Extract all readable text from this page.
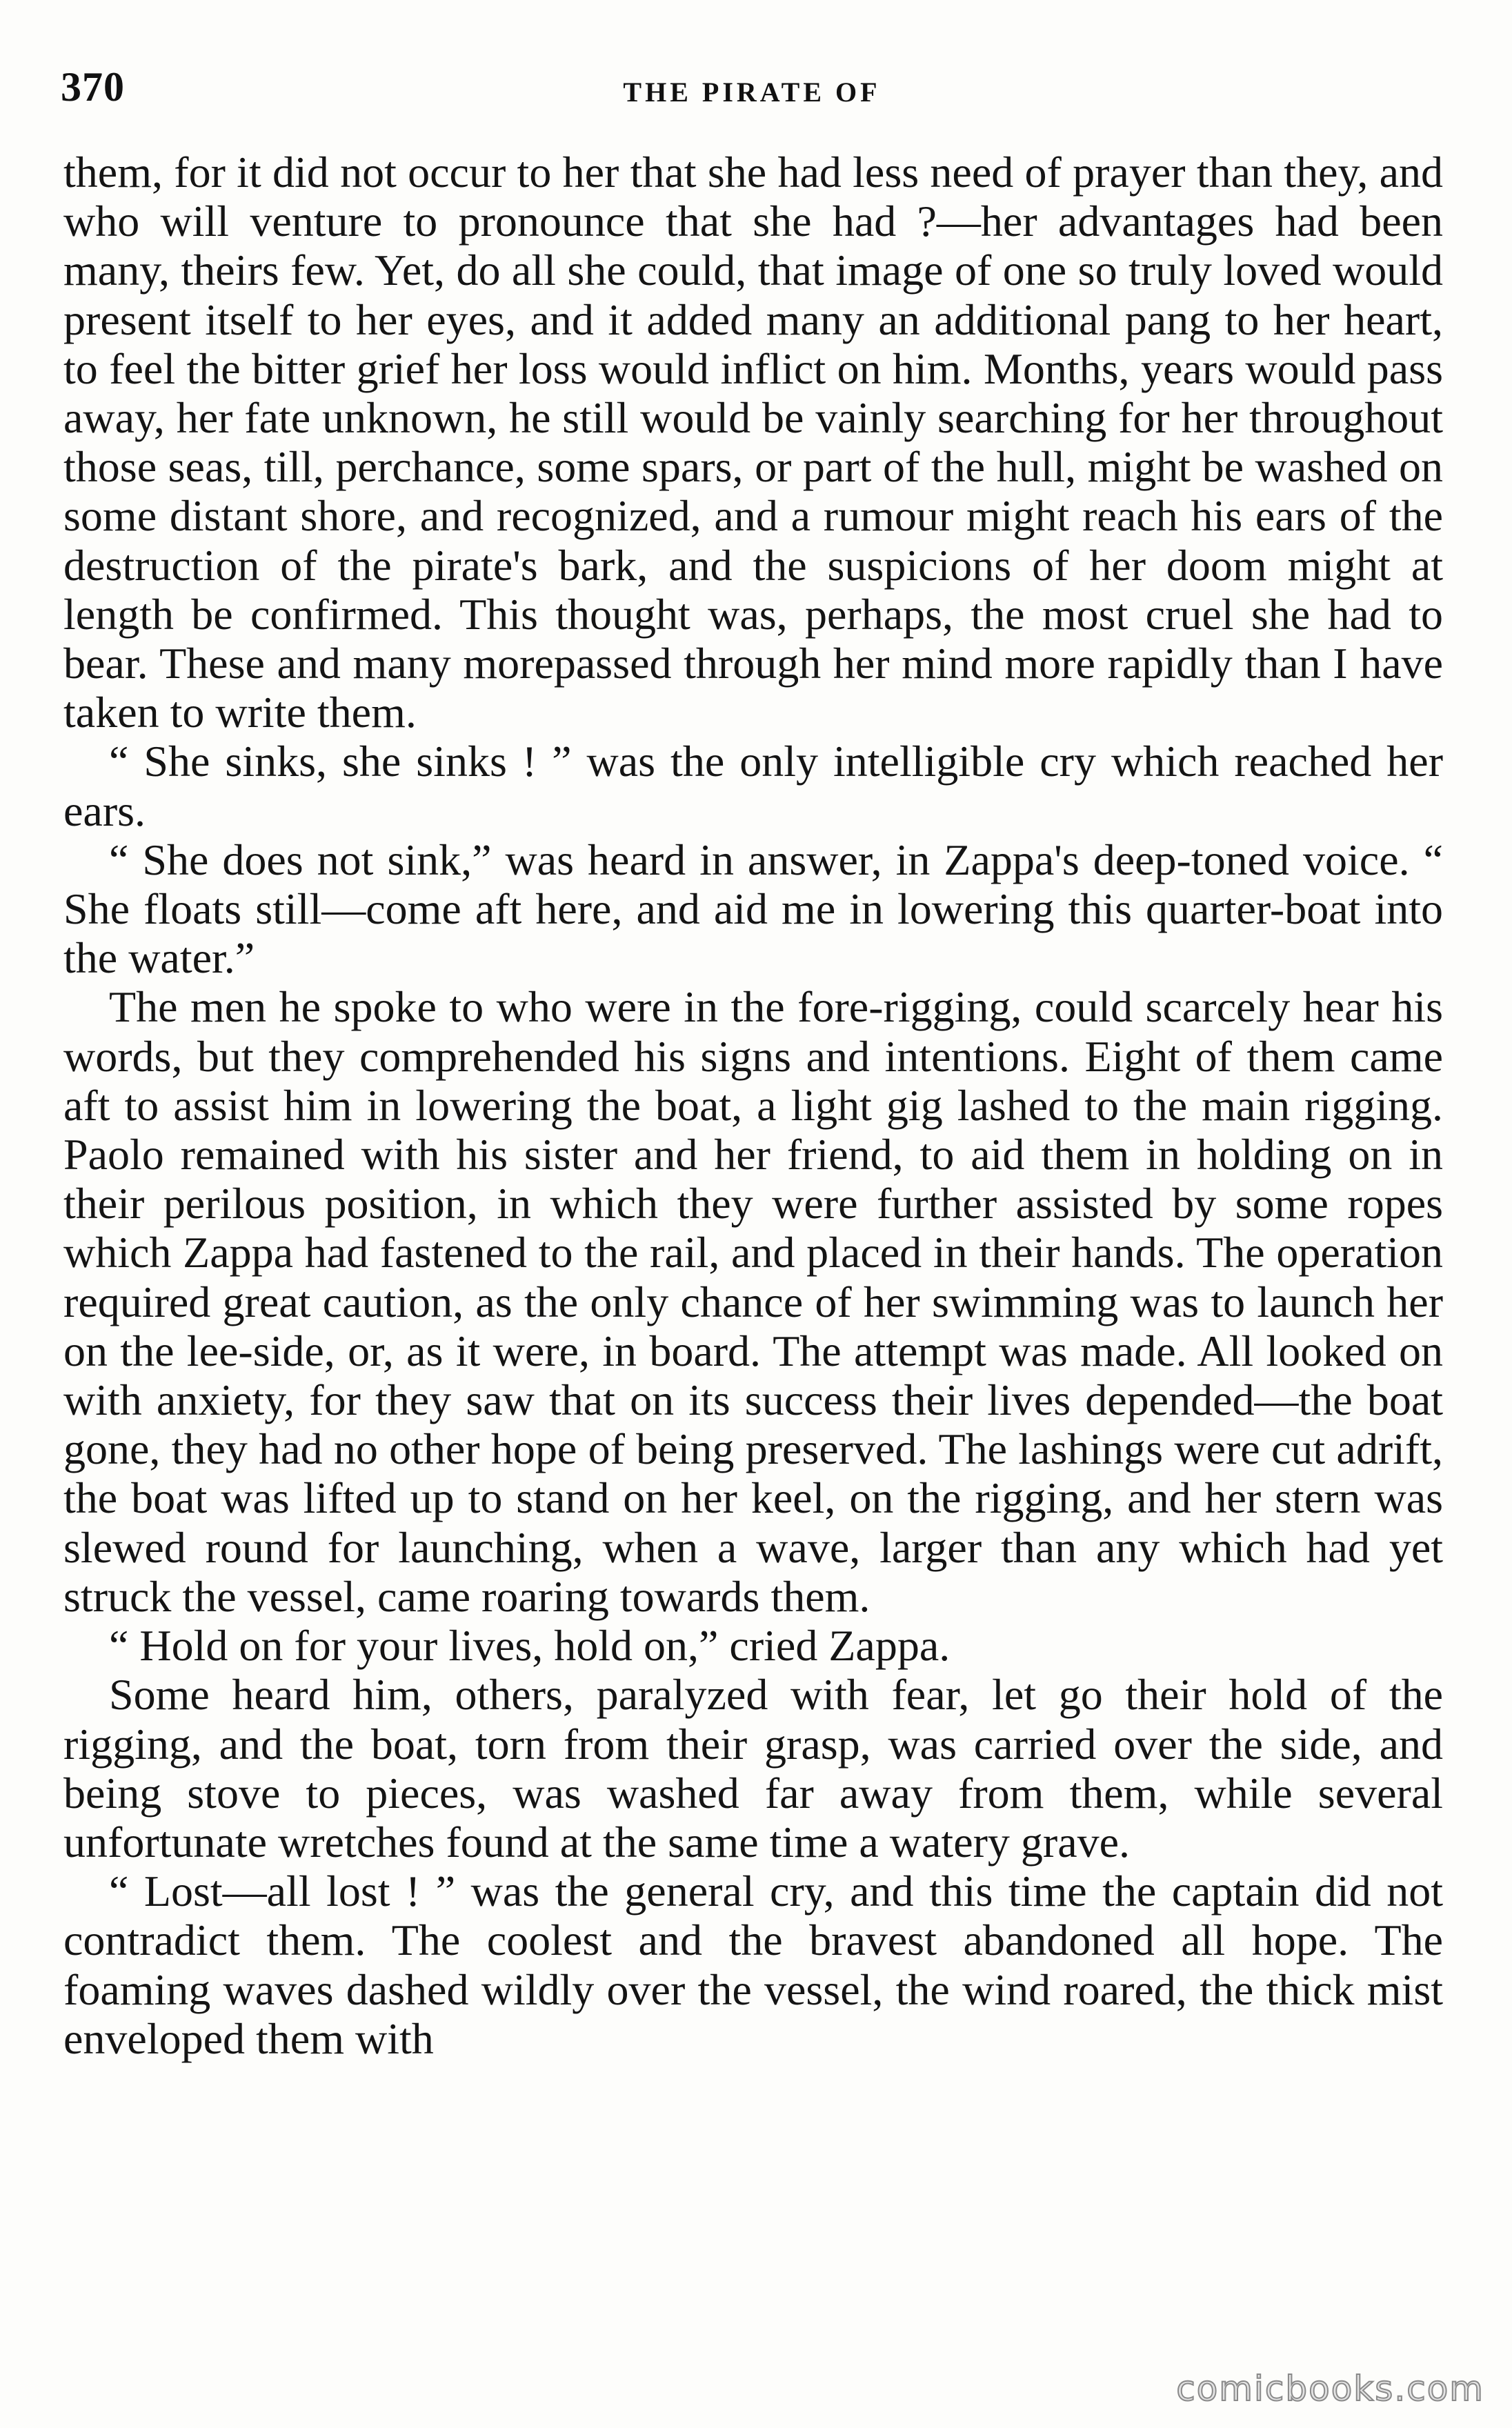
370	THE PIRATE OF

them, for it did not occur to her that she had less need of prayer than they, and who will venture to pronounce that she had ?—her advantages had been many, theirs few. Yet, do all she could, that image of one so truly loved would present itself to her eyes, and it added many an additional pang to her heart, to feel the bitter grief her loss would inflict on him. Months, years would pass away, her fate unknown, he still would be vainly searching for her throughout those seas, till, perchance, some spars, or part of the hull, might be washed on some distant shore, and recognized, and a rumour might reach his ears of the destruction of the pirate's bark, and the suspicions of her doom might at length be confirmed. This thought was, perhaps, the most cruel she had to bear. These and many morepassed through her mind more rapidly than I have taken to write them.

“ She sinks, she sinks ! ” was the only intelligible cry which reached her ears.

“ She does not sink,” was heard in answer, in Zappa's deep-toned voice. “ She floats still—come aft here, and aid me in lowering this quarter-boat into the water.”

The men he spoke to who were in the fore-rigging, could scarcely hear his words, but they comprehended his signs and intentions. Eight of them came aft to assist him in lowering the boat, a light gig lashed to the main rigging. Paolo remained with his sister and her friend, to aid them in holding on in their perilous position, in which they were further assisted by some ropes which Zappa had fastened to the rail, and placed in their hands. The operation required great caution, as the only chance of her swimming was to launch her on the lee-side, or, as it were, in board. The attempt was made. All looked on with anxiety, for they saw that on its success their lives depended—the boat gone, they had no other hope of being preserved. The lashings were cut adrift, the boat was lifted up to stand on her keel, on the rigging, and her stern was slewed round for launching, when a wave, larger than any which had yet struck the vessel, came roaring towards them.

“ Hold on for your lives, hold on,” cried Zappa.

Some heard him, others, paralyzed with fear, let go their hold of the rigging, and the boat, torn from their grasp, was carried over the side, and being stove to pieces, was washed far away from them, while several unfortunate wretches found at the same time a watery grave.

“ Lost—all lost ! ” was the general cry, and this time the captain did not contradict them. The coolest and the bravest abandoned all hope. The foaming waves dashed wildly over the vessel, the wind roared, the thick mist enveloped them with

comicbooks.com
